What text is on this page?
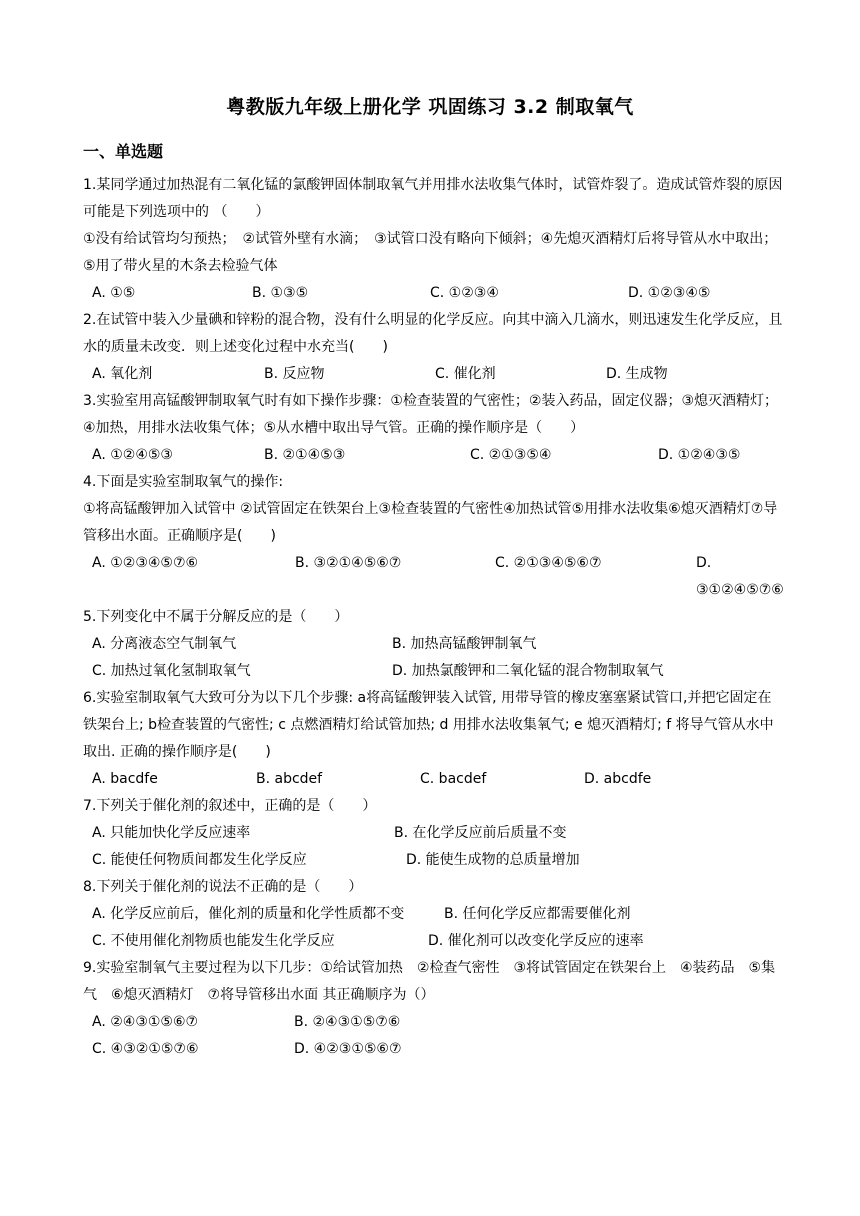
粤教版九年级上册化学 巩固练习 3.2 制取氧气
一、单选题
1.某同学通过加热混有二氧化锰的氯酸钾固体制取氧气并用排水法收集气体时，试管炸裂了。造成试管炸裂的原因可能是下列选项中的 （　　）
①没有给试管均匀预热；　②试管外壁有水滴；　③试管口没有略向下倾斜；④先熄灭酒精灯后将导管从水中取出；　⑤用了带火星的木条去检验气体
A. ①⑤	B. ①③⑤	C. ①②③④	D. ①②③④⑤
2.在试管中装入少量碘和锌粉的混合物，没有什么明显的化学反应。向其中滴入几滴水，则迅速发生化学反应，且水的质量未改变．则上述变化过程中水充当(　　)
A. 氧化剂	B. 反应物	C. 催化剂	D. 生成物
3.实验室用高锰酸钾制取氧气时有如下操作步骤：①检查装置的气密性；②装入药品，固定仪器；③熄灭酒精灯；④加热，用排水法收集气体；⑤从水槽中取出导气管。正确的操作顺序是（　　）
A. ①②④⑤③	B. ②①④⑤③	C. ②①③⑤④	D. ①②④③⑤
4.下面是实验室制取氧气的操作:
①将高锰酸钾加入试管中 ②试管固定在铁架台上③检查装置的气密性④加热试管⑤用排水法收集⑥熄灭酒精灯⑦导管移出水面。正确顺序是(　　)
A. ①②③④⑤⑦⑥	B. ③②①④⑤⑥⑦	C. ②①③④⑤⑥⑦	D. ③①②④⑤⑦⑥
5.下列变化中不属于分解反应的是（　　）
A. 分离液态空气制氧气	B. 加热高锰酸钾制氧气
C. 加热过氧化氢制取氧气	D. 加热氯酸钾和二氧化锰的混合物制取氧气
6.实验室制取氧气大致可分为以下几个步骤: a将高锰酸钾装入试管, 用带导管的橡皮塞塞紧试管口,并把它固定在铁架台上; b检查装置的气密性; c 点燃酒精灯给试管加热; d 用排水法收集氧气; e 熄灭酒精灯; f 将导气管从水中取出. 正确的操作顺序是(　　)
A. bacdfe	B. abcdef	C. bacdef	D. abcdfe
7.下列关于催化剂的叙述中，正确的是（　　）
A. 只能加快化学反应速率	B. 在化学反应前后质量不变
C. 能使任何物质间都发生化学反应	D. 能使生成物的总质量增加
8.下列关于催化剂的说法不正确的是（　　）
A. 化学反应前后，催化剂的质量和化学性质都不变	B. 任何化学反应都需要催化剂
C. 不使用催化剂物质也能发生化学反应	D. 催化剂可以改变化学反应的速率
9.实验室制氧气主要过程为以下几步：①给试管加热　②检查气密性　③将试管固定在铁架台上　④装药品　⑤集气　⑥熄灭酒精灯　⑦将导管移出水面 其正确顺序为（）
A. ②④③①⑤⑥⑦	B. ②④③①⑤⑦⑥
C. ④③②①⑤⑦⑥	D. ④②③①⑤⑥⑦
